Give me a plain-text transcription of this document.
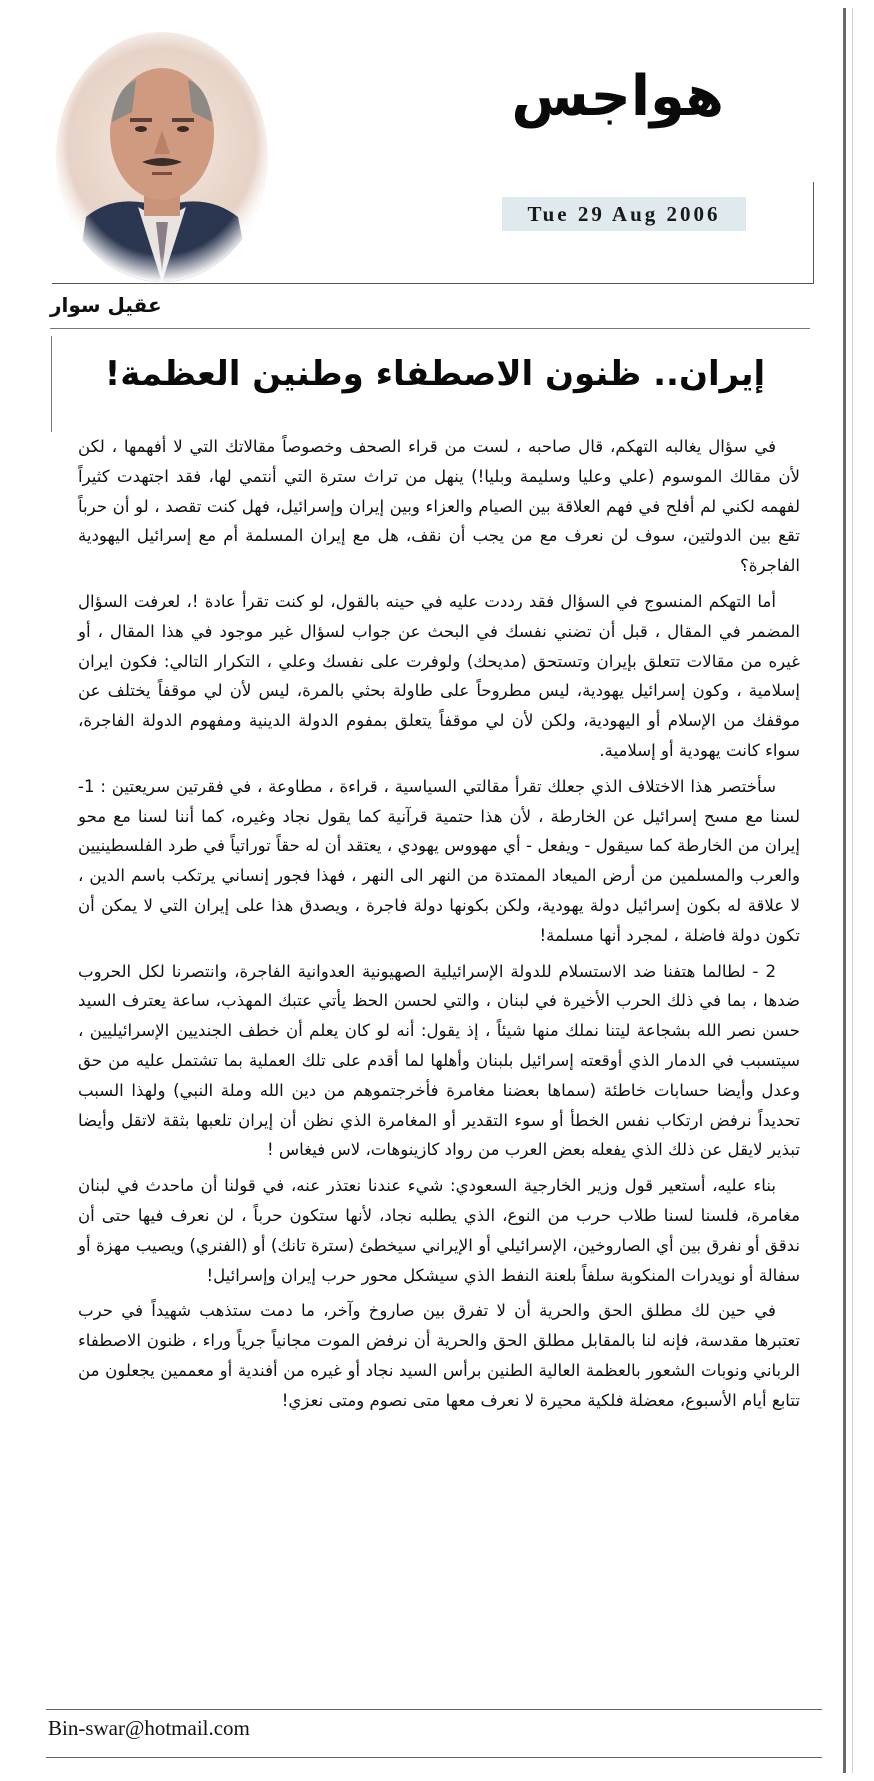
هواجس
Tue 29 Aug 2006
عقيل سوار
إيران.. ظنون الاصطفاء وطنين العظمة!

في سؤال يغالبه التهكم، قال صاحبه ، لست من قراء الصحف وخصوصاً مقالاتك التي لا أفهمها ، لكن لأن مقالك الموسوم (علي وعليا وسليمة وبليا!) ينهل من تراث سترة التي أنتمي لها، فقد اجتهدت كثيراً لفهمه لكني لم أفلح في فهم العلاقة بين الصيام والعزاء وبين إيران وإسرائيل، فهل كنت تقصد ، لو أن حرباً تقع بين الدولتين، سوف لن نعرف مع من يجب أن نقف، هل مع إيران المسلمة أم مع إسرائيل اليهودية الفاجرة؟

أما التهكم المنسوج في السؤال فقد رددت عليه في حينه بالقول، لو كنت تقرأ عادة !، لعرفت السؤال المضمر في المقال ، قبل أن تضني نفسك في البحث عن جواب لسؤال غير موجود في هذا المقال ، أو غيره من مقالات تتعلق بإيران وتستحق (مديحك) ولوفرت على نفسك وعلي ، التكرار التالي: فكون ايران إسلامية ، وكون إسرائيل يهودية، ليس مطروحاً على طاولة بحثي بالمرة، ليس لأن لي موقفاً يختلف عن موقفك من الإسلام أو اليهودية، ولكن لأن لي موقفاً يتعلق بمفوم الدولة الدينية ومفهوم الدولة الفاجرة، سواء كانت يهودية أو إسلامية.

سأختصر هذا الاختلاف الذي جعلك تقرأ مقالتي السياسية ، قراءة ، مطاوعة ، في فقرتين سريعتين : 1- لسنا مع مسح إسرائيل عن الخارطة ، لأن هذا حتمية قرآنية كما يقول نجاد وغيره، كما أننا لسنا مع محو إيران من الخارطة كما سيقول - ويفعل - أي مهووس يهودي ، يعتقد أن له حقاً توراتياً في طرد الفلسطينيين والعرب والمسلمين من أرض الميعاد الممتدة من النهر الى النهر ، فهذا فجور إنساني يرتكب باسم الدين ، لا علاقة له بكون إسرائيل دولة يهودية، ولكن بكونها دولة فاجرة ، ويصدق هذا على إيران التي لا يمكن أن تكون دولة فاضلة ، لمجرد أنها مسلمة!

2 - لطالما هتفنا ضد الاستسلام للدولة الإسرائيلية الصهيونية العدوانية الفاجرة، وانتصرنا لكل الحروب ضدها ، بما في ذلك الحرب الأخيرة في لبنان ، والتي لحسن الحظ يأتي عتبك المهذب، ساعة يعترف السيد حسن نصر الله بشجاعة ليتنا نملك منها شيئاً ، إذ يقول: أنه لو كان يعلم أن خطف الجنديين الإسرائيليين ، سيتسبب في الدمار الذي أوقعته إسرائيل بلبنان وأهلها لما أقدم على تلك العملية بما تشتمل عليه من حق وعدل وأيضا حسابات خاطئة (سماها بعضنا مغامرة فأخرجتموهم من دين الله وملة النبي) ولهذا السبب تحديداً نرفض ارتكاب نفس الخطأ أو سوء التقدير أو المغامرة الذي نظن أن إيران تلعبها بثقة لاتقل وأيضا تبذير لايقل عن ذلك الذي يفعله بعض العرب من رواد كازينوهات، لاس فيغاس !

بناء عليه، أستعير قول وزير الخارجية السعودي: شيء عندنا نعتذر عنه، في قولنا أن ماحدث في لبنان مغامرة، فلسنا لسنا طلاب حرب من النوع، الذي يطلبه نجاد، لأنها ستكون حرباً ، لن نعرف فيها حتى أن ندقق أو نفرق بين أي الصاروخين، الإسرائيلي أو الإيراني سيخطئ (سترة تانك) أو (الفنري) ويصيب مهزة أو سفالة أو نويدرات المنكوبة سلفاً بلعنة النفط الذي سيشكل محور حرب إيران وإسرائيل!

في حين لك مطلق الحق والحرية أن لا تفرق بين صاروخ وآخر، ما دمت ستذهب شهيداً في حرب تعتبرها مقدسة، فإنه لنا بالمقابل مطلق الحق والحرية أن نرفض الموت مجانياً جرياً وراء ، ظنون الاصطفاء الرباني ونوبات الشعور بالعظمة العالية الطنين برأس السيد نجاد أو غيره من أفندية أو معممين يجعلون من تتابع أيام الأسبوع، معضلة فلكية محيرة لا نعرف معها متى نصوم ومتى نعزي!

Bin-swar@hotmail.com
